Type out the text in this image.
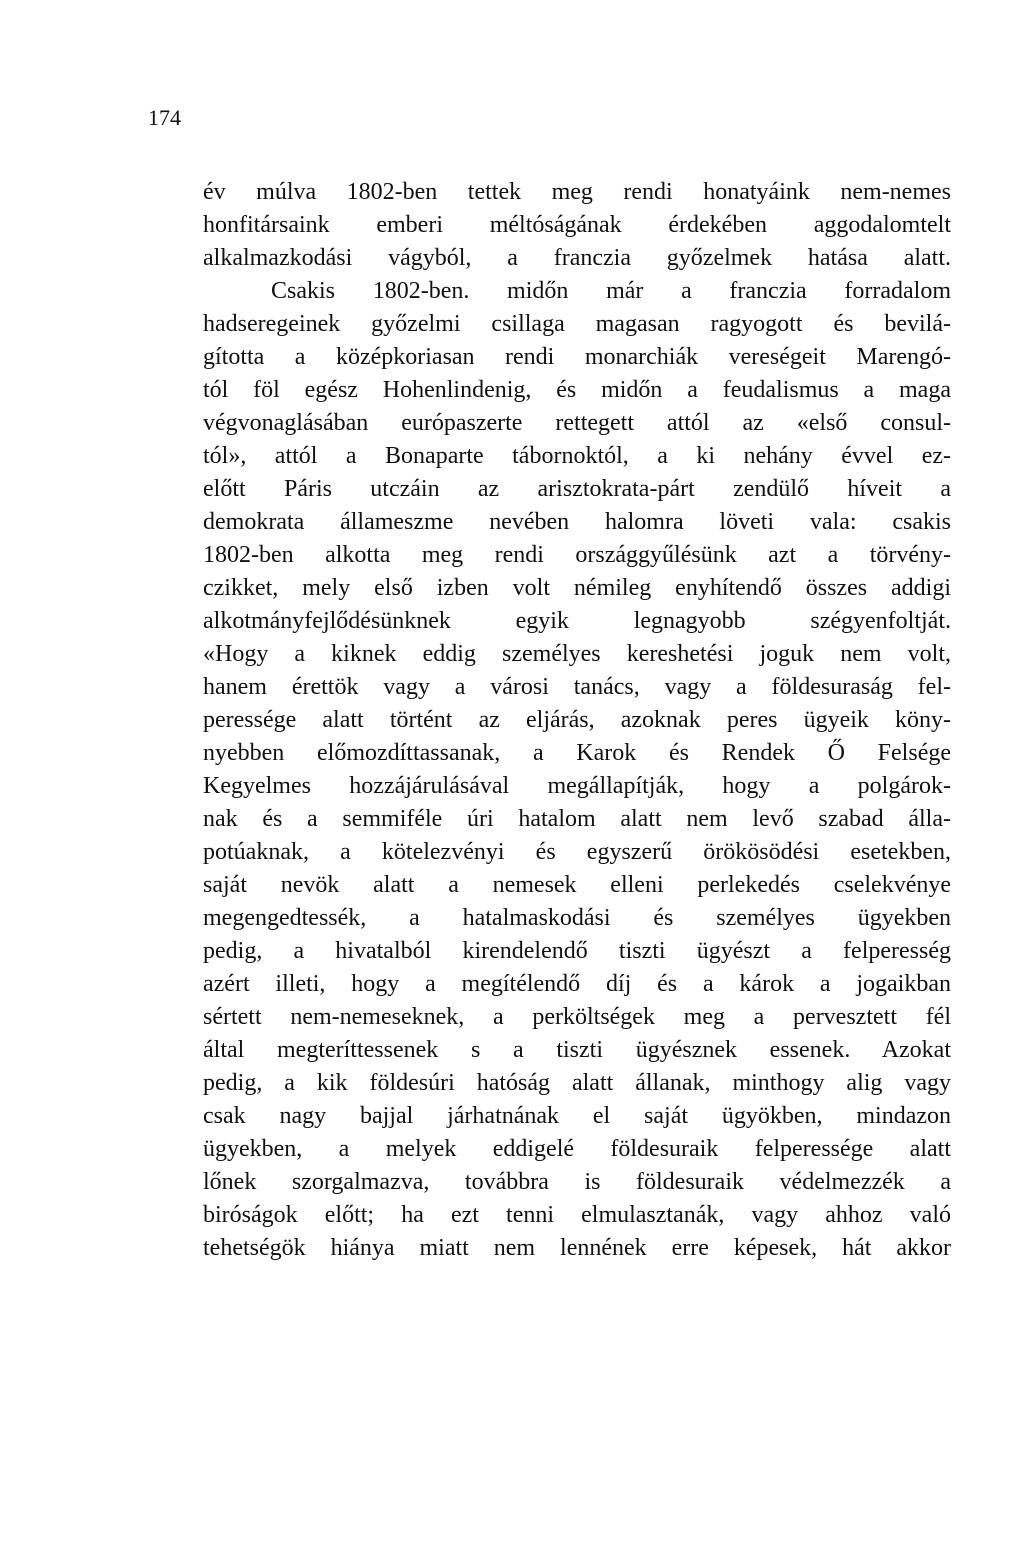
174
év múlva 1802-ben tettek meg rendi honatyáink nem-nemes
honfitársaink emberi méltóságának érdekében aggodalomtelt
alkalmazkodási vágyból, a franczia győzelmek hatása alatt.
Csakis 1802-ben. midőn már a franczia forradalom
hadseregeinek győzelmi csillaga magasan ragyogott és bevilá-
gította a középkoriasan rendi monarchiák vereségeit Marengó-
tól föl egész Hohenlindenig, és midőn a feudalismus a maga
végvonaglásában európaszerte rettegett attól az «első consul-
tól», attól a Bonaparte tábornoktól, a ki nehány évvel ez-
előtt Páris utczáin az arisztokrata-párt zendülő híveit a
demokrata állameszme nevében halomra löveti vala: csakis
1802-ben alkotta meg rendi országgyűlésünk azt a törvény-
czikket, mely első izben volt némileg enyhítendő összes addigi
alkotmányfejlődésünknek egyik legnagyobb szégyenfoltját.
«Hogy a kiknek eddig személyes kereshetési joguk nem volt,
hanem érettök vagy a városi tanács, vagy a földesuraság fel-
peressége alatt történt az eljárás, azoknak peres ügyeik köny-
nyebben előmozdíttassanak, a Karok és Rendek Ő Felsége
Kegyelmes hozzájárulásával megállapítják, hogy a polgárok-
nak és a semmiféle úri hatalom alatt nem levő szabad álla-
potúaknak, a kötelezvényi és egyszerű örökösödési esetekben,
saját nevök alatt a nemesek elleni perlekedés cselekvénye
megengedtessék, a hatalmaskodási és személyes ügyekben
pedig, a hivatalból kirendelendő tiszti ügyészt a felperesség
azért illeti, hogy a megítélendő díj és a károk a jogaikban
sértett nem-nemeseknek, a perköltségek meg a pervesztett fél
által megteríttessenek s a tiszti ügyésznek essenek. Azokat
pedig, a kik földesúri hatóság alatt állanak, minthogy alig vagy
csak nagy bajjal járhatnának el saját ügyökben, mindazon
ügyekben, a melyek eddigelé földesuraik felperessége alatt
lőnek szorgalmazva, továbbra is földesuraik védelmezzék a
biróságok előtt; ha ezt tenni elmulasztanák, vagy ahhoz való
tehetségök hiánya miatt nem lennének erre képesek, hát akkor
